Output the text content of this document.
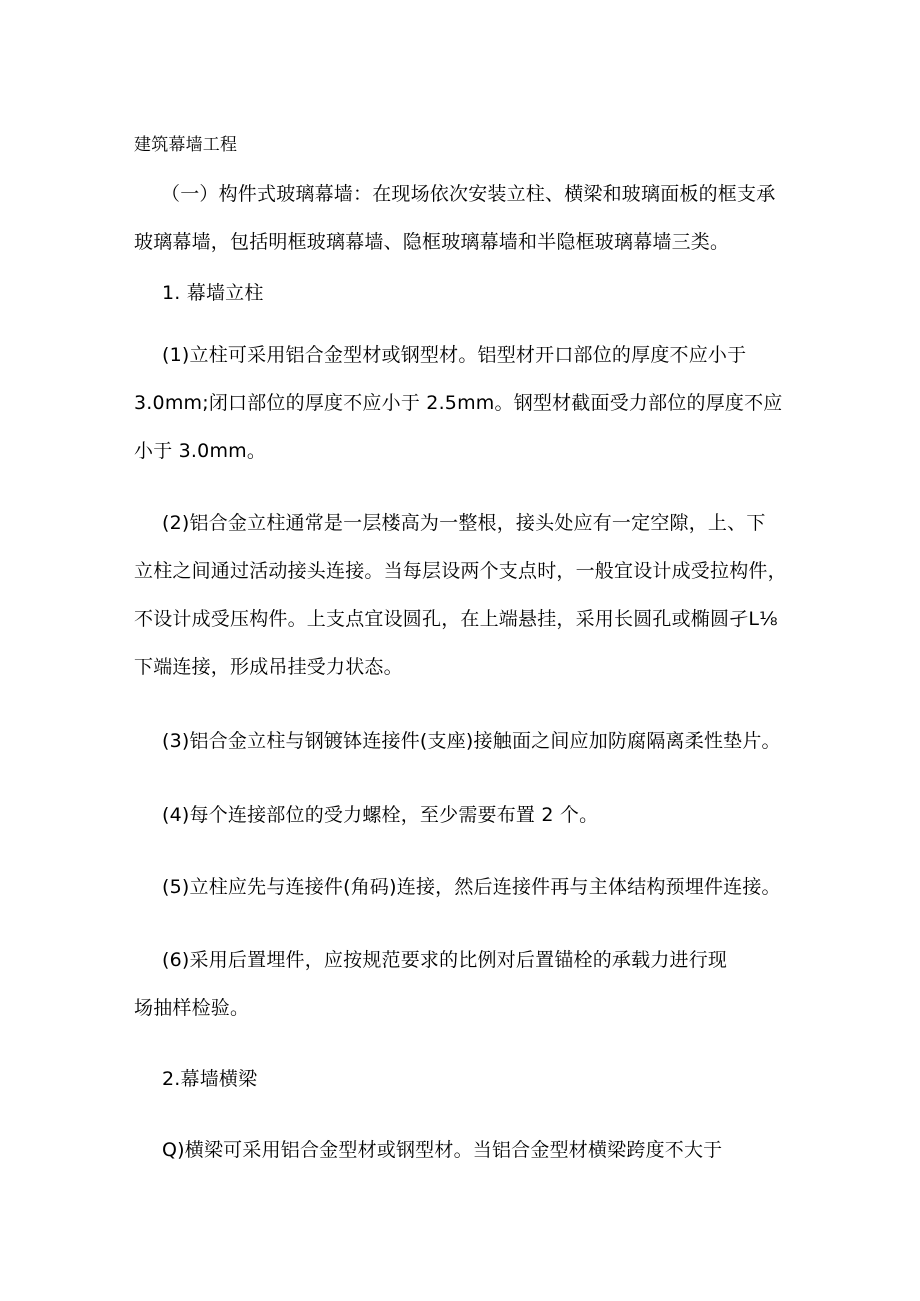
建筑幕墙工程
（一）构件式玻璃幕墙：在现场依次安装立柱、横梁和玻璃面板的框支承
玻璃幕墙，包括明框玻璃幕墙、隐框玻璃幕墙和半隐框玻璃幕墙三类。
1. 幕墙立柱
(1)立柱可采用铝合金型材或钢型材。铝型材开口部位的厚度不应小于
3.0mm;闭口部位的厚度不应小于 2.5mm。钢型材截面受力部位的厚度不应
小于 3.0mm。
(2)铝合金立柱通常是一层楼高为一整根，接头处应有一定空隙，上、下
立柱之间通过活动接头连接。当每层设两个支点时，一般宜设计成受拉构件，
不设计成受压构件。上支点宜设圆孔，在上端悬挂，采用长圆孔或椭圆孑L⅛
下端连接，形成吊挂受力状态。
(3)铝合金立柱与钢镀钵连接件(支座)接触面之间应加防腐隔离柔性垫片。
(4)每个连接部位的受力螺栓，至少需要布置 2 个。
(5)立柱应先与连接件(角码)连接，然后连接件再与主体结构预埋件连接。
(6)采用后置埋件，应按规范要求的比例对后置锚栓的承载力进行现
场抽样检验。
2.幕墙横梁
Q)横梁可采用铝合金型材或钢型材。当铝合金型材横梁跨度不大于
